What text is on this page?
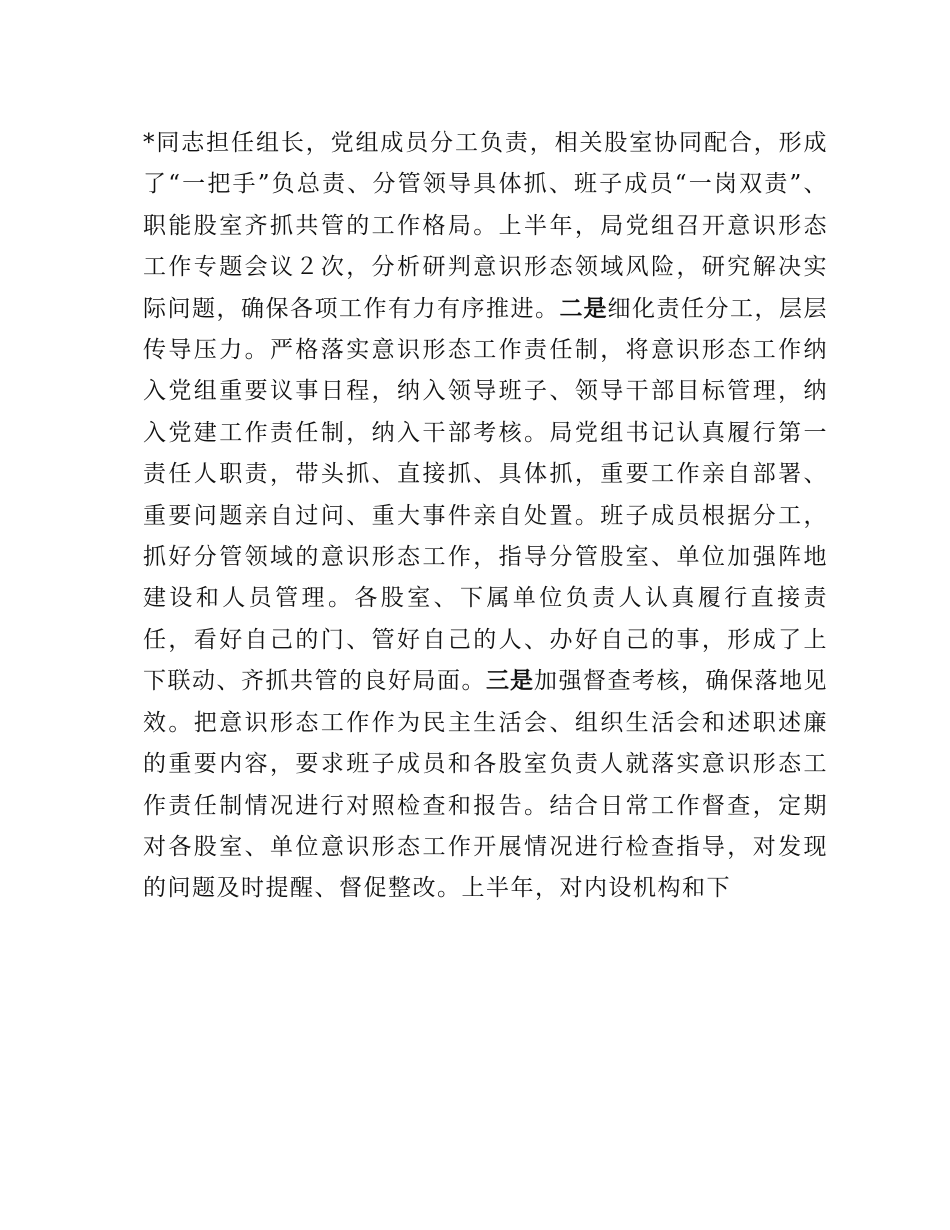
*同志担任组长，党组成员分工负责，相关股室协同配合，形成了“一把手”负总责、分管领导具体抓、班子成员“一岗双责”、职能股室齐抓共管的工作格局。上半年，局党组召开意识形态工作专题会议２次，分析研判意识形态领域风险，研究解决实际问题，确保各项工作有力有序推进。二是细化责任分工，层层传导压力。严格落实意识形态工作责任制，将意识形态工作纳入党组重要议事日程，纳入领导班子、领导干部目标管理，纳入党建工作责任制，纳入干部考核。局党组书记认真履行第一责任人职责，带头抓、直接抓、具体抓，重要工作亲自部署、重要问题亲自过问、重大事件亲自处置。班子成员根据分工，抓好分管领域的意识形态工作，指导分管股室、单位加强阵地建设和人员管理。各股室、下属单位负责人认真履行直接责任，看好自己的门、管好自己的人、办好自己的事，形成了上下联动、齐抓共管的良好局面。三是加强督查考核，确保落地见效。把意识形态工作作为民主生活会、组织生活会和述职述廉的重要内容，要求班子成员和各股室负责人就落实意识形态工作责任制情况进行对照检查和报告。结合日常工作督查，定期对各股室、单位意识形态工作开展情况进行检查指导，对发现的问题及时提醒、督促整改。上半年，对内设机构和下
